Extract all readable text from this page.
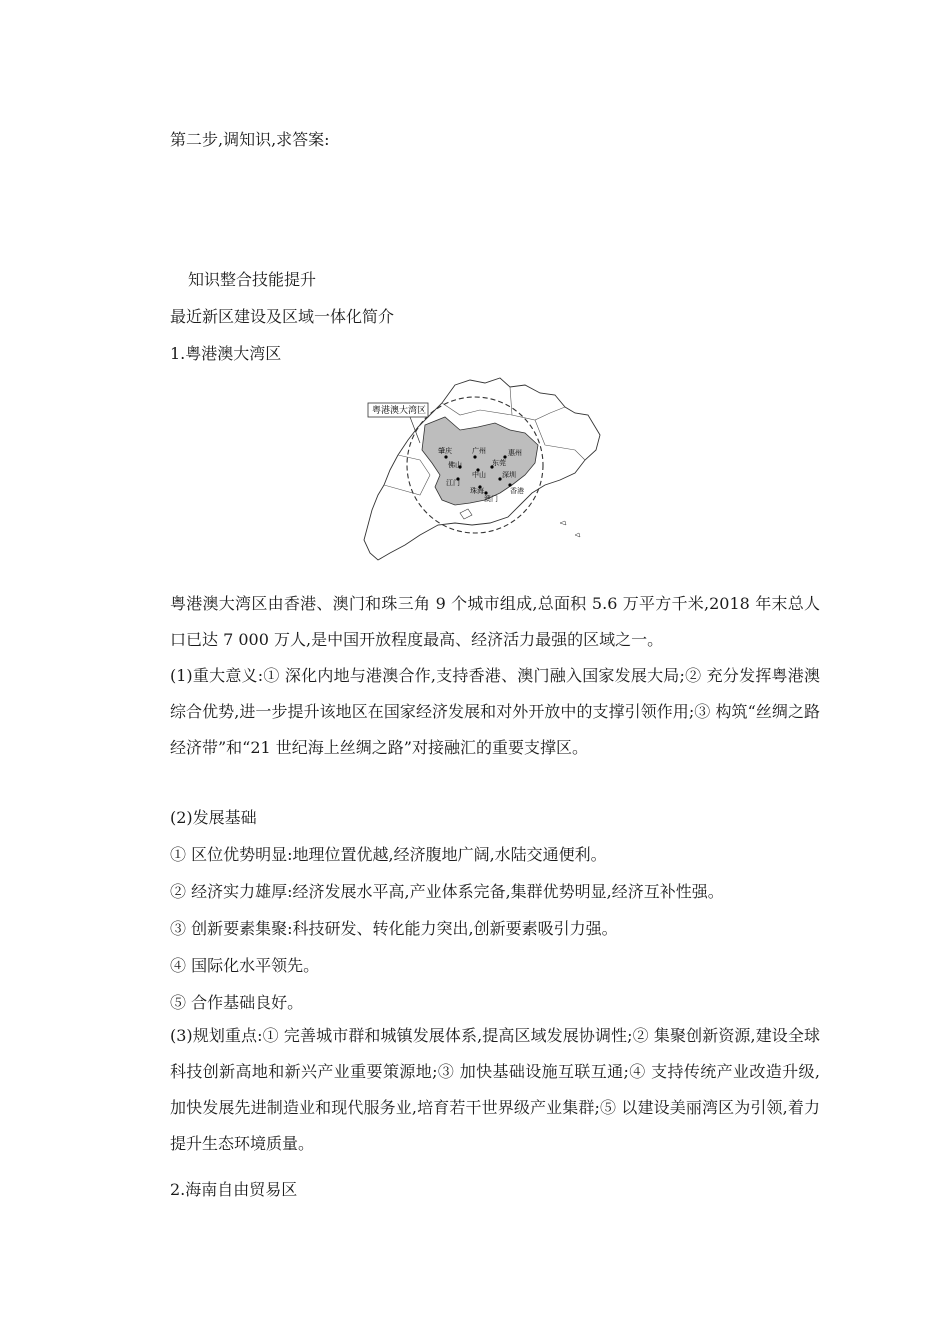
第二步,调知识,求答案:
知识整合技能提升
最近新区建设及区域一体化简介
1.粤港澳大湾区
粤港澳大湾区
肇庆	广州	惠州
佛山
中山
东莞
江门
深圳
珠海	香港
澳门
粤港澳大湾区由香港、澳门和珠三角 9 个城市组成,总面积 5.6 万平方千米,2018 年末总人口已达 7 000 万人,是中国开放程度最高、经济活力最强的区域之一。
(1)重大意义:① 深化内地与港澳合作,支持香港、澳门融入国家发展大局;② 充分发挥粤港澳综合优势,进一步提升该地区在国家经济发展和对外开放中的支撑引领作用;③ 构筑“丝绸之路经济带”和“21 世纪海上丝绸之路”对接融汇的重要支撑区。
(2)发展基础
① 区位优势明显:地理位置优越,经济腹地广阔,水陆交通便利。
② 经济实力雄厚:经济发展水平高,产业体系完备,集群优势明显,经济互补性强。
③ 创新要素集聚:科技研发、转化能力突出,创新要素吸引力强。
④ 国际化水平领先。
⑤ 合作基础良好。
(3)规划重点:① 完善城市群和城镇发展体系,提高区域发展协调性;② 集聚创新资源,建设全球科技创新高地和新兴产业重要策源地;③ 加快基础设施互联互通;④ 支持传统产业改造升级,加快发展先进制造业和现代服务业,培育若干世界级产业集群;⑤ 以建设美丽湾区为引领,着力提升生态环境质量。
2.海南自由贸易区
